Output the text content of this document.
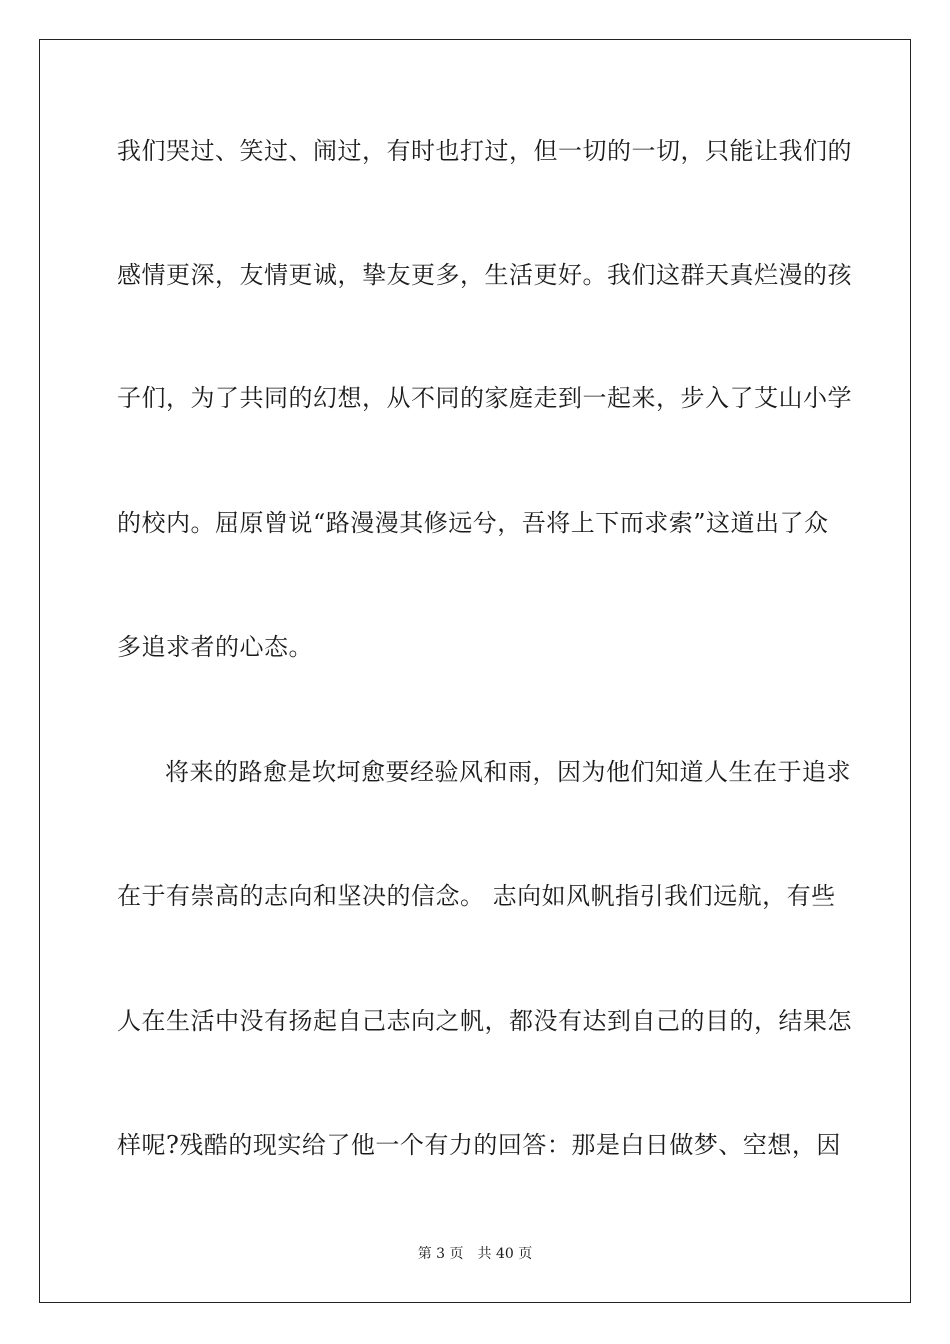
我们哭过、笑过、闹过，有时也打过，但一切的一切，只能让我们的
感情更深，友情更诚，挚友更多，生活更好。我们这群天真烂漫的孩
子们，为了共同的幻想，从不同的家庭走到一起来，步入了艾山小学
的校内。屈原曾说“路漫漫其修远兮，吾将上下而求索”这道出了众
多追求者的心态。
将来的路愈是坎坷愈要经验风和雨，因为他们知道人生在于追求
在于有崇高的志向和坚决的信念。 志向如风帆指引我们远航，有些
人在生活中没有扬起自己志向之帆，都没有达到自己的目的，结果怎
样呢?残酷的现实给了他一个有力的回答：那是白日做梦、空想，因
第 3 页　共 40 页
